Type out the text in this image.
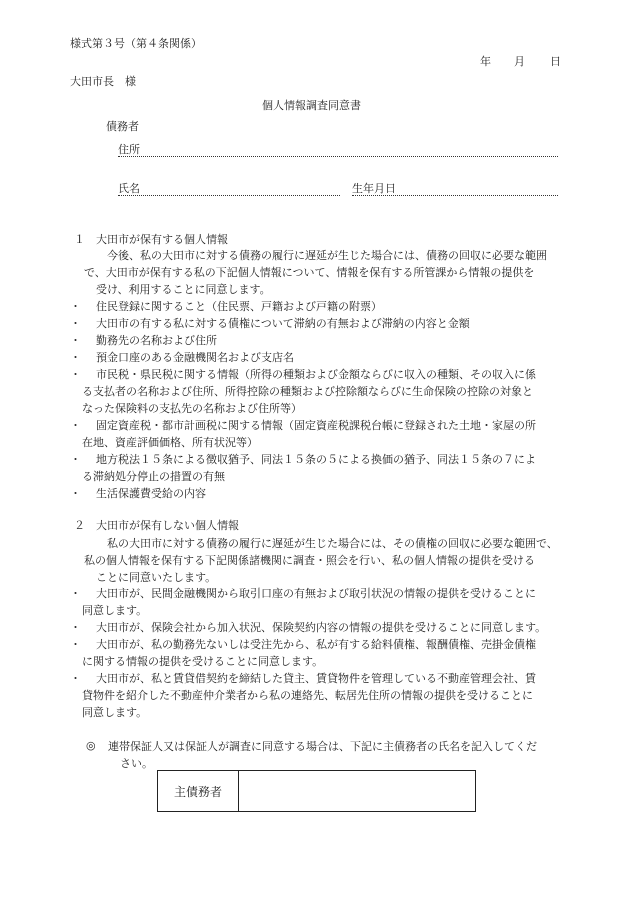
様式第３号（第４条関係）
年 月 日
大田市長　様
個人情報調査同意書
債務者
住所
氏名	生年月日
１　大田市が保有する個人情報
今後、私の大田市に対する債務の履行に遅延が生じた場合には、債務の回収に必要な範囲
で、大田市が保有する私の下記個人情報について、情報を保有する所管課から情報の提供を
受け、利用することに同意します。
・	住民登録に関すること（住民票、戸籍および戸籍の附票）
・	大田市の有する私に対する債権について滞納の有無および滞納の内容と金額
・	勤務先の名称および住所
・	預金口座のある金融機関名および支店名
・	市民税・県民税に関する情報（所得の種類および金額ならびに収入の種類、その収入に係
る支払者の名称および住所、所得控除の種類および控除額ならびに生命保険の控除の対象と
なった保険料の支払先の名称および住所等）
・	固定資産税・都市計画税に関する情報（固定資産税課税台帳に登録された土地・家屋の所
在地、資産評価価格、所有状況等）
・	地方税法１５条による徴収猶予、同法１５条の５による換価の猶予、同法１５条の７によ
る滞納処分停止の措置の有無
・	生活保護費受給の内容
２　大田市が保有しない個人情報
私の大田市に対する債務の履行に遅延が生じた場合には、その債権の回収に必要な範囲で、
私の個人情報を保有する下記関係諸機関に調査・照会を行い、私の個人情報の提供を受ける
ことに同意いたします。
・	大田市が、民間金融機関から取引口座の有無および取引状況の情報の提供を受けることに
同意します。
・	大田市が、保険会社から加入状況、保険契約内容の情報の提供を受けることに同意します。
・	大田市が、私の勤務先ないしは受注先から、私が有する給料債権、報酬債権、売掛金債権
に関する情報の提供を受けることに同意します。
・	大田市が、私と賃貸借契約を締結した貸主、賃貸物件を管理している不動産管理会社、賃
貸物件を紹介した不動産仲介業者から私の連絡先、転居先住所の情報の提供を受けることに
同意します。
◎ 連帯保証人又は保証人が調査に同意する場合は、下記に主債務者の氏名を記入してくだ
さい。
主債務者	
